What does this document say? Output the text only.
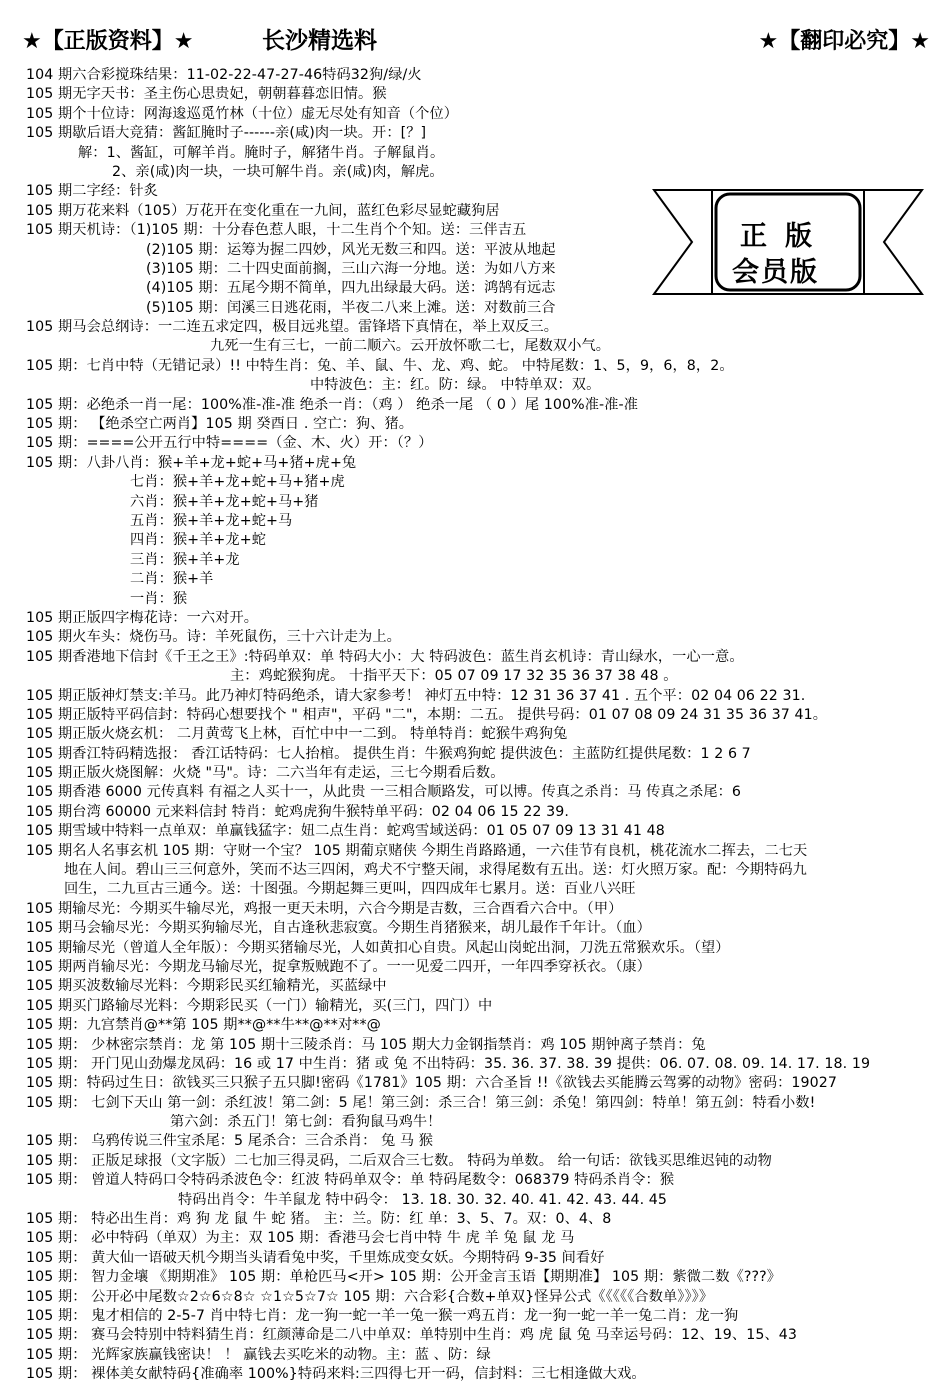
★【正版资料】★	长沙精选料	★【翻印必究】★
正版
会员版
104 期六合彩搅珠结果：11-02-22-47-27-46特码32狗/绿/火
105 期无字天书：圣主伤心思贵妃，朝朝暮暮恋旧情。猴
105 期个十位诗：网海逡巡觅竹林（十位）虚无尽处有知音（个位）
105 期歇后语大竞猜：酱缸腌时子------亲(咸)肉一块。开：[？]
解：1、酱缸，可解羊肖。腌时子，解猪牛肖。子解鼠肖。
2、亲(咸)肉一块，一块可解牛肖。亲(咸)肉，解虎。
105 期二字经：针炙
105 期万花来料（105）万花开在变化重在一九间，蓝红色彩尽显蛇藏狗居
105 期天机诗：（1)105 期：十分春色惹人眼，十二生肖个个知。送：三伴吉五
(2)105 期：运筹为握二四妙，风光无数三和四。送：平波从地起
(3)105 期：二十四史面前搁，三山六海一分地。送：为如八方来
(4)105 期：五尾今期不简单，四九出绿最大码。送：鸿鹄有远志
(5)105 期：闰溪三日逃花雨，半夜二八来上滩。送：对数前三合
105 期马会总纲诗：一二连五求定四，极目远兆望。雷锋塔下真情在，举上双反三。
九死一生有三七，一前二顺六。云开放怀歌二七，尾数双小气。
105 期：七肖中特（无错记录）!! 中特生肖：兔、羊、鼠、牛、龙、鸡、蛇。 中特尾数：1、5，9，6，8，2。
中特波色：主：红。防：绿。 中特单双：双。
105 期：必绝杀一肖一尾：100%准-准-准 绝杀一肖：（鸡 ） 绝杀一尾 （ 0 ）尾 100%准-准-准
105 期： 【绝杀空亡两肖】105 期 癸酉日 . 空亡：狗、猪。
105 期：====公开五行中特====（金、木、火）开：（？）
105 期：八卦八肖：猴+羊+龙+蛇+马+猪+虎+兔
七肖：猴+羊+龙+蛇+马+猪+虎
六肖：猴+羊+龙+蛇+马+猪
五肖：猴+羊+龙+蛇+马
四肖：猴+羊+龙+蛇
三肖：猴+羊+龙
二肖：猴+羊
一肖：猴
105 期正版四字梅花诗：一六对开。
105 期火车头：烧伤马。诗：羊死鼠伤，三十六计走为上。
105 期香港地下信封《千王之王》:特码单双：单 特码大小：大 特码波色：蓝生肖玄机诗：青山绿水，一心一意。
主：鸡蛇猴狗虎。 十指平天下：05 07 09 17 32 35 36 37 38 48 。
105 期正版神灯禁支:羊马。此乃神灯特码绝杀，请大家参考！ 神灯五中特：12 31 36 37 41 . 五个平：02 04 06 22 31.
105 期正版特平码信封：特码心想要找个 " 相声"，平码 "二"，本期：二五。 提供号码：01 07 08 09 24 31 35 36 37 41。
105 期正版火烧玄机： 二月黄莺飞上林，百忙中中一二到。 特单特肖：蛇猴牛鸡狗兔
105 期香江特码精选报： 香江话特码：七人抬棺。 提供生肖：牛猴鸡狗蛇 提供波色：主蓝防红提供尾数：1 2 6 7
105 期正版火烧图解：火烧 "马"。诗：二六当年有走运，三七今期看后数。
105 期香港 6000 元传真料 有福之人买十一，从此贵 一三相合顺路发，可以博。传真之杀肖：马 传真之杀尾：6
105 期台湾 60000 元来料信封 特肖：蛇鸡虎狗牛猴特单平码：02 04 06 15 22 39.
105 期雪域中特料一点单双：单赢钱猛字：妞二点生肖：蛇鸡雪域送码：01 05 07 09 13 31 41 48
105 期名人名事玄机 105 期：守财一个宝？ 105 期葡京赌侠 今期生肖路路通，一六佳节有良机，桃花流水二挥去，二七天
地在人间。碧山三三何意外，笑而不达三四闲，鸡犬不宁整天闹，求得尾数有五出。送：灯火照万家。配：今期特码九
回生，二九亘古三通今。送：十图强。今期起舞三更叫，四四成年七累月。送：百业八兴旺
105 期输尽光：今期买牛输尽光，鸡报一更天未明，六合今期是吉数，三合酉看六合中。（甲）
105 期马会输尽光：今期买狗输尽光，自古逢秋悲寂寞。今期生肖猪猴来，胡儿最作千年计。（血）
105 期输尽光（曾道人全年版）：今期买猪输尽光，人如黄扣心自贵。风起山岗蛇出洞，刀洗五常猴欢乐。（望）
105 期两肖输尽光：今期龙马输尽光，捉拿叛贼跑不了。一一见爱二四开，一年四季穿袄衣。（康）
105 期买波数输尽光料：今期彩民买红输精光，买蓝绿中
105 期买门路输尽光料：今期彩民买（一门）输精光，买(三门，四门）中
105 期：九宫禁肖@**第 105 期**@**牛**@**对**@
105 期： 少林密宗禁肖：龙 第 105 期十三陵杀肖：马 105 期大力金钢指禁肖：鸡 105 期钟离子禁肖：兔
105 期： 开门见山劲爆龙凤码：16 或 17 中生肖：猪 或 兔 不出特码：35. 36. 37. 38. 39 提供：06. 07. 08. 09. 14. 17. 18. 19
105 期：特码过生日：欲钱买三只猴子五只脚!密码《1781》105 期：六合圣旨 !!《欲钱去买能腾云驾雾的动物》密码：19027
105 期： 七剑下天山 第一剑：杀红波！第二剑：5 尾！第三剑：杀三合！第三剑：杀兔！第四剑：特单！第五剑：特看小数!
第六剑：杀五门！第七剑：看狗鼠马鸡牛！
105 期： 乌鸦传说三件宝杀尾：5 尾杀合：三合杀肖： 兔 马 猴
105 期： 正版足球报（文字版）二七加三得灵码，二后双合三七数。 特码为单数。 给一句话：欲钱买思维迟钝的动物
105 期： 曾道人特码口令特码杀波色令：红波 特码单双令：单 特码尾数令：068379 特码杀肖令：猴
特码出肖令：牛羊鼠龙 特中码令： 13. 18. 30. 32. 40. 41. 42. 43. 44. 45
105 期： 特必出生肖：鸡 狗 龙 鼠 牛 蛇 猪。 主：兰。防：红 单：3、5、7。双：0、4、8
105 期： 必中特码（单双）为主：双 105 期：香港马会七肖中特 牛 虎 羊 兔 鼠 龙 马
105 期： 黄大仙一语破天机今期当头请看兔中奖，千里炼成变女妖。今期特码 9-35 间看好
105 期： 智力金壤 《期期准》 105 期：单枪匹马<开> 105 期：公开金言玉语【期期准】 105 期：紫微二数《???》
105 期： 公开必中尾数☆2☆6☆8☆ ☆1☆5☆7☆ 105 期：六合彩{合数+单双}怪异公式《《《《《合数单》》》》
105 期： 鬼才相信的 2-5-7 肖中特七肖：龙一狗一蛇一羊一兔一猴一鸡五肖：龙一狗一蛇一羊一兔二肖：龙一狗
105 期： 赛马会特别中特料猜生肖：红颜薄命是二八中单双：单特别中生肖：鸡 虎 鼠 兔 马幸运号码：12、19、15、43
105 期： 光辉家族赢钱密诀！ ！ 赢钱去买吃米的动物。主：蓝 、防：绿
105 期： 裸体美女献特码{准确率 100%}特码来料:三四得七开一码，信封料：三七相逢做大戏。
